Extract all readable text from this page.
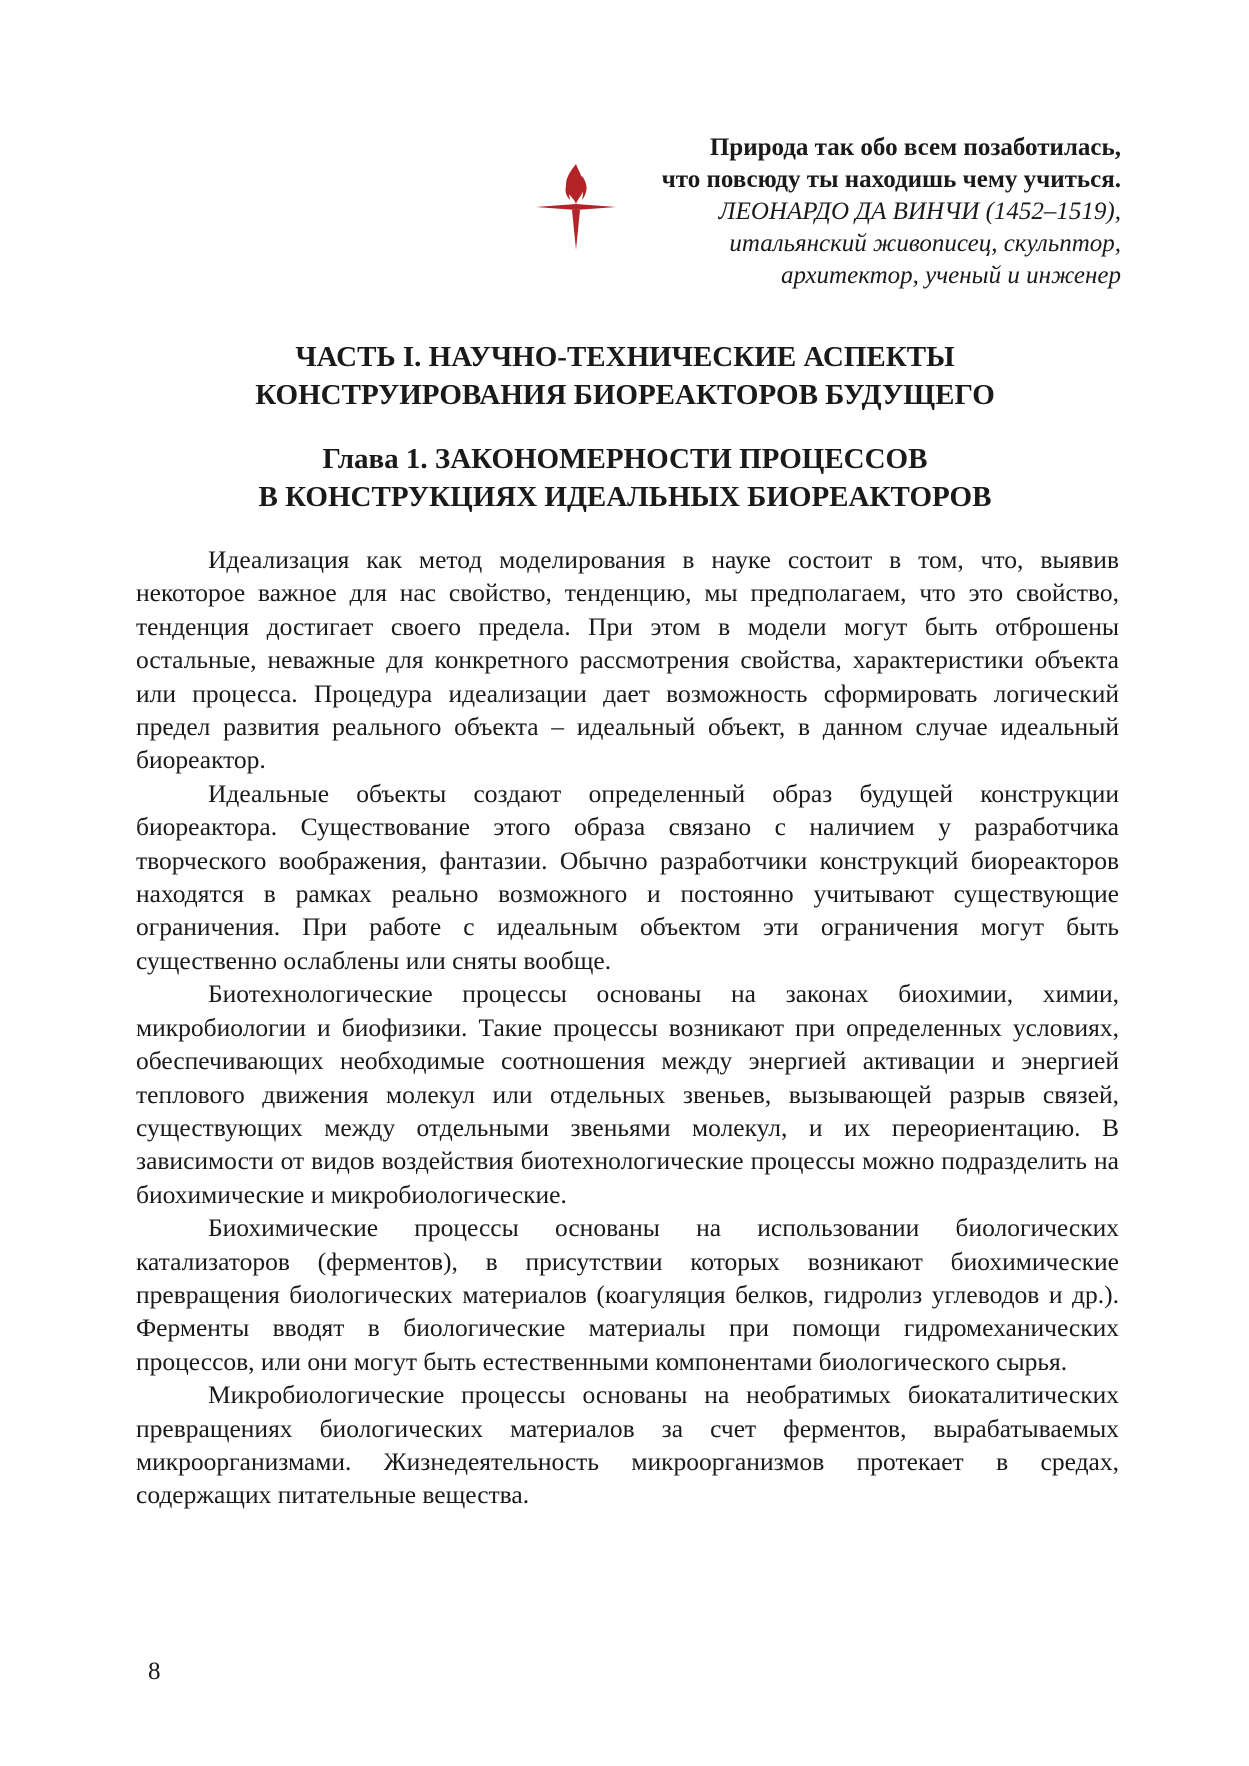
Природа так обо всем позаботилась,
что повсюду ты находишь чему учиться.
ЛЕОНАРДО ДА ВИНЧИ (1452–1519),
итальянский живописец, скульптор,
архитектор, ученый и инженер
ЧАСТЬ I. НАУЧНО-ТЕХНИЧЕСКИЕ АСПЕКТЫ
КОНСТРУИРОВАНИЯ БИОРЕАКТОРОВ БУДУЩЕГО
Глава 1. ЗАКОНОМЕРНОСТИ ПРОЦЕССОВ
В КОНСТРУКЦИЯХ ИДЕАЛЬНЫХ БИОРЕАКТОРОВ

Идеализация как метод моделирования в науке состоит в том, что, выявив некоторое важное для нас свойство, тенденцию, мы предполагаем, что это свойство, тенденция достигает своего предела. При этом в модели могут быть отброшены остальные, неважные для конкретного рассмотрения свойства, характеристики объекта или процесса. Процедура идеализации дает возможность сформировать логический предел развития реального объекта – идеальный объект, в данном случае идеальный биореактор.

Идеальные объекты создают определенный образ будущей конструкции биореактора. Существование этого образа связано с наличием у разработчика творческого воображения, фантазии. Обычно разработчики конструкций биореакторов находятся в рамках реально возможного и постоянно учитывают существующие ограничения. При работе с идеальным объектом эти ограничения могут быть существенно ослаблены или сняты вообще.

Биотехнологические процессы основаны на законах биохимии, химии, микробиологии и биофизики. Такие процессы возникают при определенных условиях, обеспечивающих необходимые соотношения между энергией активации и энергией теплового движения молекул или отдельных звеньев, вызывающей разрыв связей, существующих между отдельными звеньями молекул, и их переориентацию. В зависимости от видов воздействия биотехнологические процессы можно подразделить на биохимические и микробиологические.

Биохимические процессы основаны на использовании биологических катализаторов (ферментов), в присутствии которых возникают биохимические превращения биологических материалов (коагуляция белков, гидролиз углеводов и др.). Ферменты вводят в биологические материалы при помощи гидромеханических процессов, или они могут быть естественными компонентами биологического сырья.

Микробиологические процессы основаны на необратимых биокаталитических превращениях биологических материалов за счет ферментов, вырабатываемых микроорганизмами. Жизнедеятельность микроорганизмов протекает в средах, содержащих питательные вещества.

8
